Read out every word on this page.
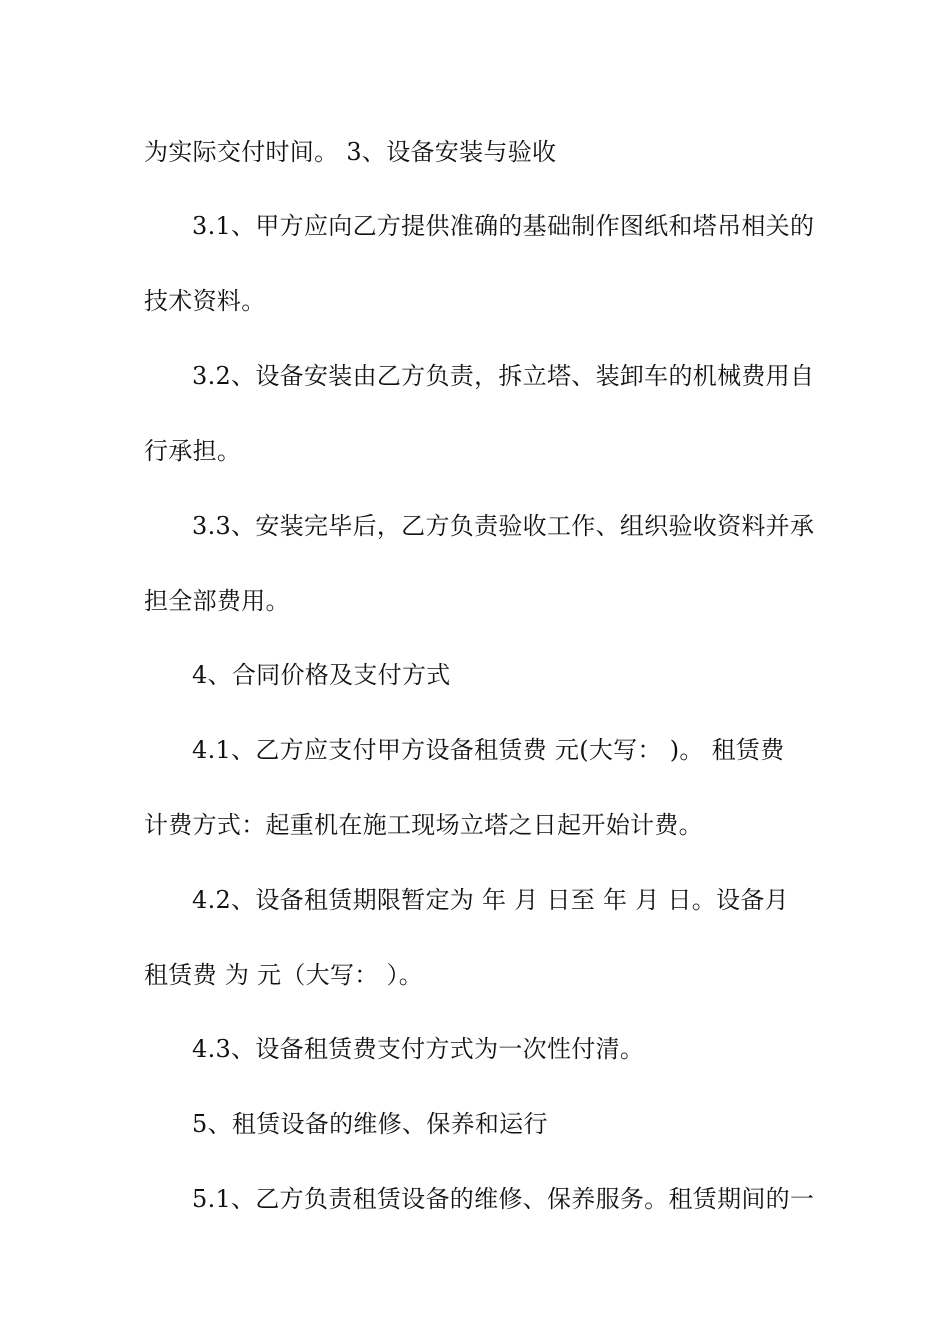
为实际交付时间。 3、设备安装与验收
3.1、甲方应向乙方提供准确的基础制作图纸和塔吊相关的
技术资料。
3.2、设备安装由乙方负责，拆立塔、装卸车的机械费用自
行承担。
3.3、安装完毕后，乙方负责验收工作、组织验收资料并承
担全部费用。
4、合同价格及支付方式
4.1、乙方应支付甲方设备租赁费 元(大写： )。 租赁费
计费方式：起重机在施工现场立塔之日起开始计费。
4.2、设备租赁期限暂定为 年 月 日至 年 月 日。设备月
租赁费 为 元（大写： ）。
4.3、设备租赁费支付方式为一次性付清。
5、租赁设备的维修、保养和运行
5.1、乙方负责租赁设备的维修、保养服务。租赁期间的一
